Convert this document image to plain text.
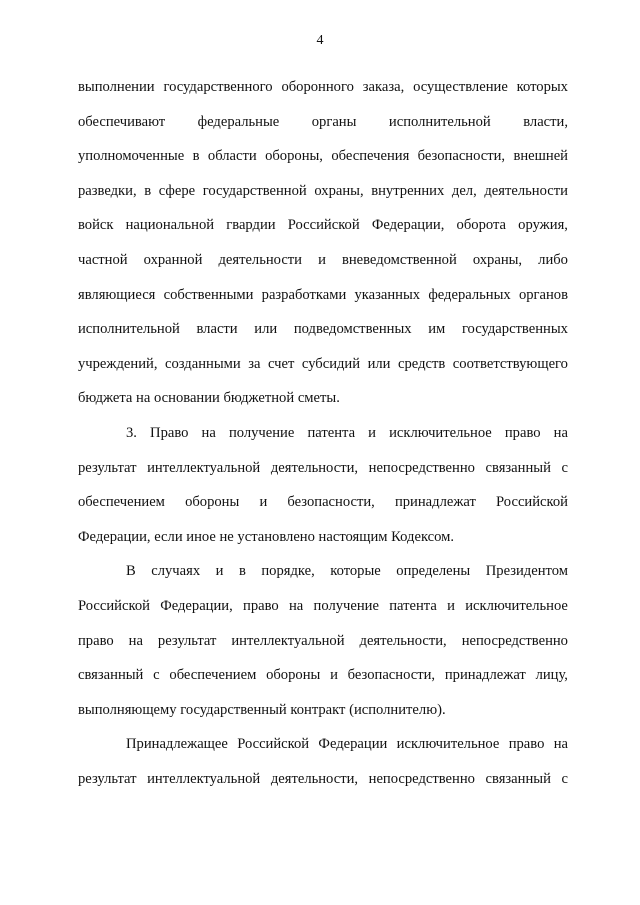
4
выполнении государственного оборонного заказа, осуществление которых
обеспечивают федеральные органы исполнительной власти,
уполномоченные в области обороны, обеспечения безопасности, внешней
разведки, в сфере государственной охраны, внутренних дел, деятельности
войск национальной гвардии Российской Федерации, оборота оружия,
частной охранной деятельности и вневедомственной охраны, либо
являющиеся собственными разработками указанных федеральных органов
исполнительной власти или подведомственных им государственных
учреждений, созданными за счет субсидий или средств соответствующего
бюджета на основании бюджетной сметы.
3. Право на получение патента и исключительное право на
результат интеллектуальной деятельности, непосредственно связанный с
обеспечением обороны и безопасности, принадлежат Российской
Федерации, если иное не установлено настоящим Кодексом.
В случаях и в порядке, которые определены Президентом
Российской Федерации, право на получение патента и исключительное
право на результат интеллектуальной деятельности, непосредственно
связанный с обеспечением обороны и безопасности, принадлежат лицу,
выполняющему государственный контракт (исполнителю).
Принадлежащее Российской Федерации исключительное право на
результат интеллектуальной деятельности, непосредственно связанный с
